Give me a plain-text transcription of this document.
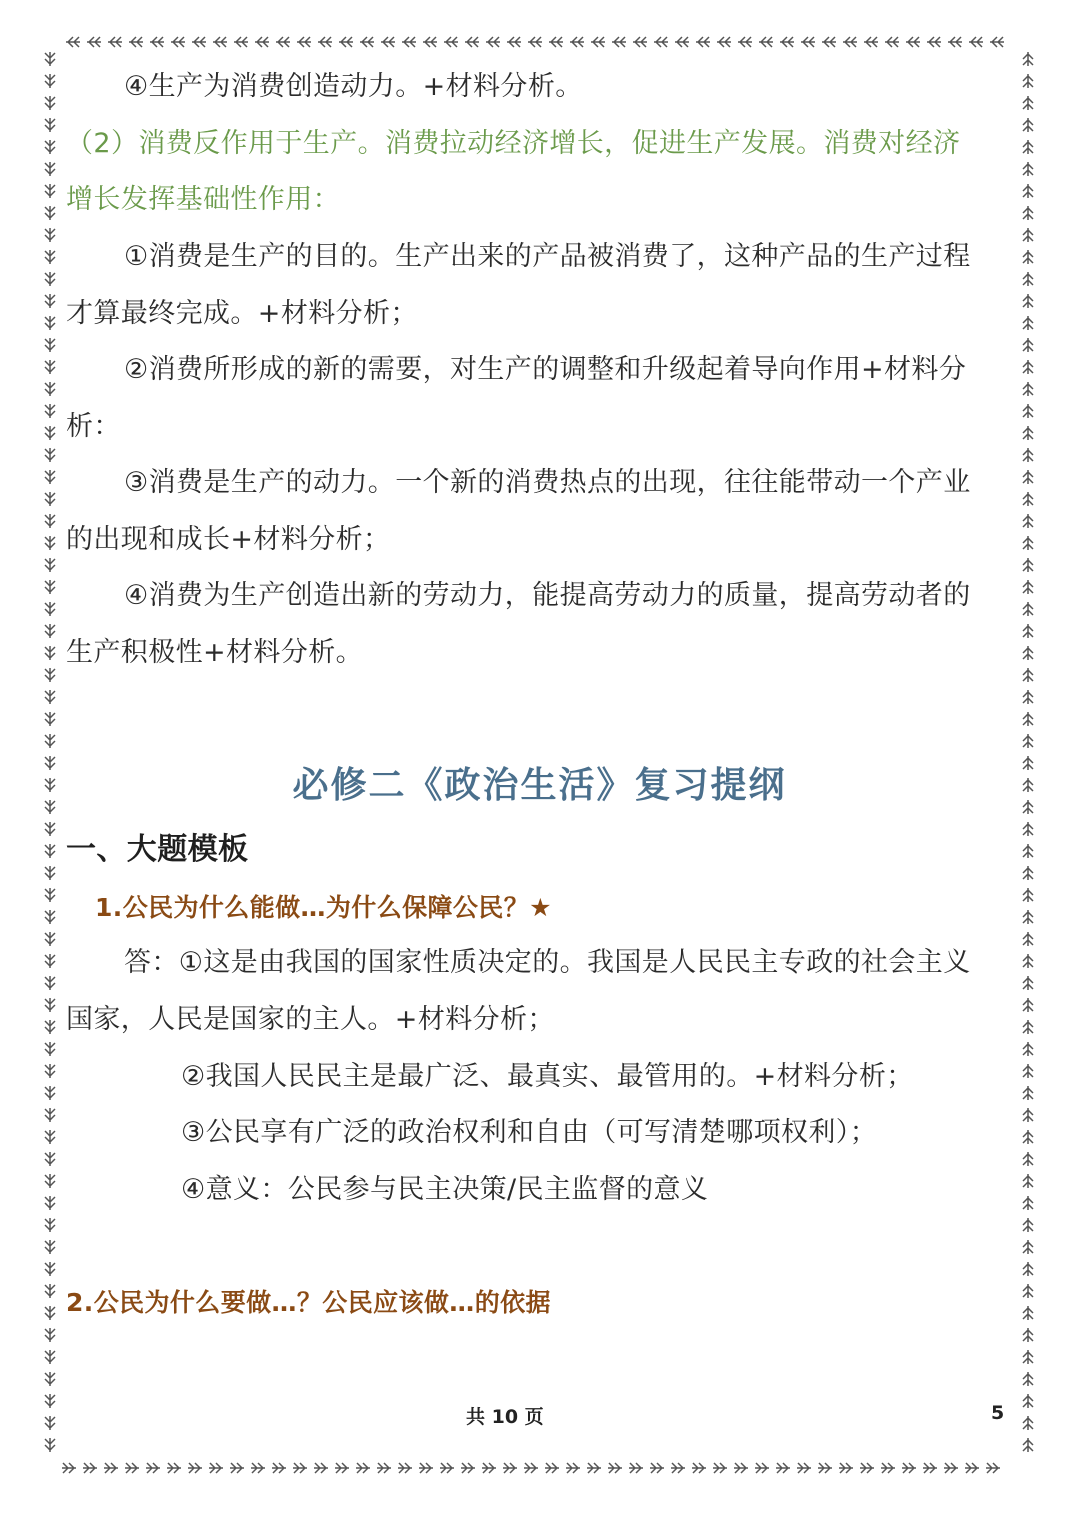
④生产为消费创造动力。+材料分析。
（2）消费反作用于生产。消费拉动经济增长，促进生产发展。消费对经济
增长发挥基础性作用：
①消费是生产的目的。生产出来的产品被消费了，这种产品的生产过程
才算最终完成。+材料分析；
②消费所形成的新的需要，对生产的调整和升级起着导向作用+材料分
析：
③消费是生产的动力。一个新的消费热点的出现，往往能带动一个产业
的出现和成长+材料分析；
④消费为生产创造出新的劳动力，能提高劳动力的质量，提高劳动者的
生产积极性+材料分析。
必修二《政治生活》复习提纲
一、大题模板
1.公民为什么能做…为什么保障公民？★
答：①这是由我国的国家性质决定的。我国是人民民主专政的社会主义
国家，人民是国家的主人。+材料分析；
②我国人民民主是最广泛、最真实、最管用的。+材料分析；
③公民享有广泛的政治权利和自由（可写清楚哪项权利）；
④意义：公民参与民主决策/民主监督的意义
2.公民为什么要做…？公民应该做…的依据
共 10 页	5
